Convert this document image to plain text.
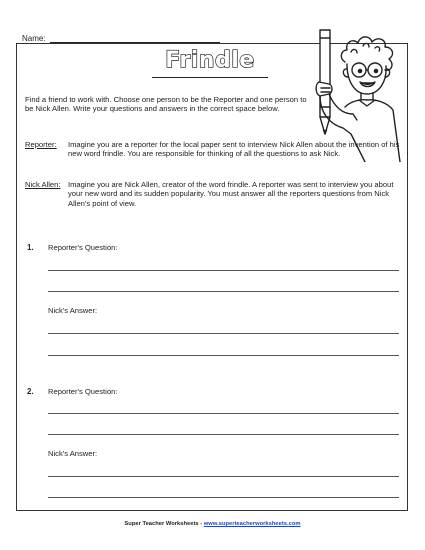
Name:
Frindle
Find a friend to work with. Choose one person to be the Reporter and one person to be Nick Allen. Write your questions and answers in the correct space below.
Reporter:	Imagine you are a reporter for the local paper sent to interview Nick Allen about the invention of his new word frindle. You are responsible for thinking of all the questions to ask Nick.
Nick Allen: Imagine you are Nick Allen, creator of the word frindle. A reporter was sent to interview you about your new word and its sudden popularity. You must answer all the reporters questions from Nick Allen's point of view.
1. Reporter's Question:
Nick's Answer:
2. Reporter's Question:
Nick's Answer:
Super Teacher Worksheets - www.superteacherworksheets.com
